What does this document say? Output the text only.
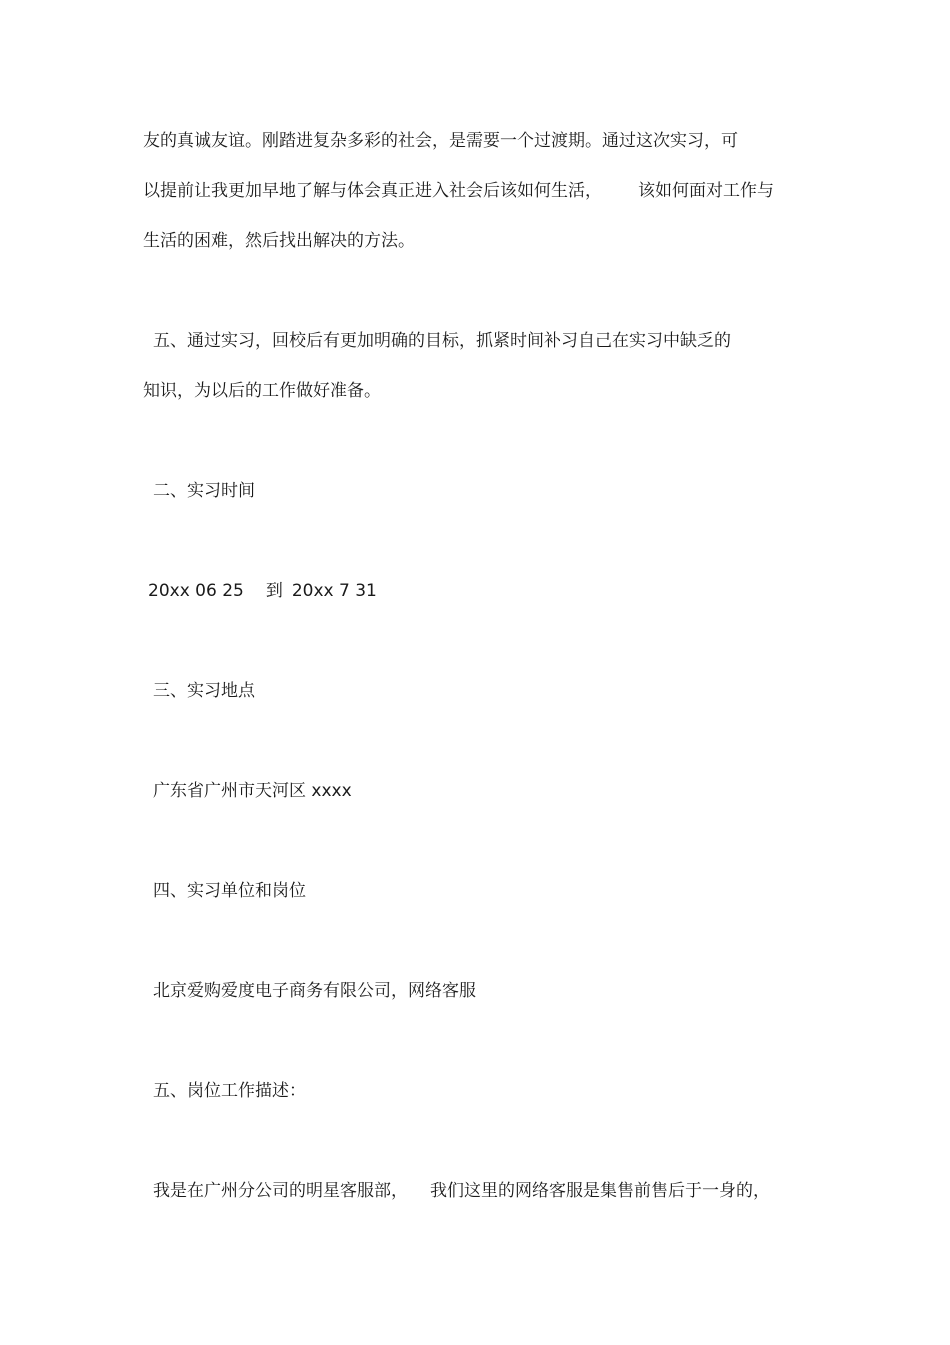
友的真诚友谊。刚踏进复杂多彩的社会，是需要一个过渡期。通过这次实习，可

以提前让我更加早地了解与体会真正进入社会后该如何生活， 该如何面对工作与

生活的困难，然后找出解决的方法。

五、通过实习，回校后有更加明确的目标，抓紧时间补习自己在实习中缺乏的

知识，为以后的工作做好准备。

二、实习时间

20xx 06 25 到 20xx 7 31

三、实习地点

广东省广州市天河区 xxxx

四、实习单位和岗位

北京爱购爱度电子商务有限公司，网络客服

五、岗位工作描述：

我是在广州分公司的明星客服部， 我们这里的网络客服是集售前售后于一身的，
